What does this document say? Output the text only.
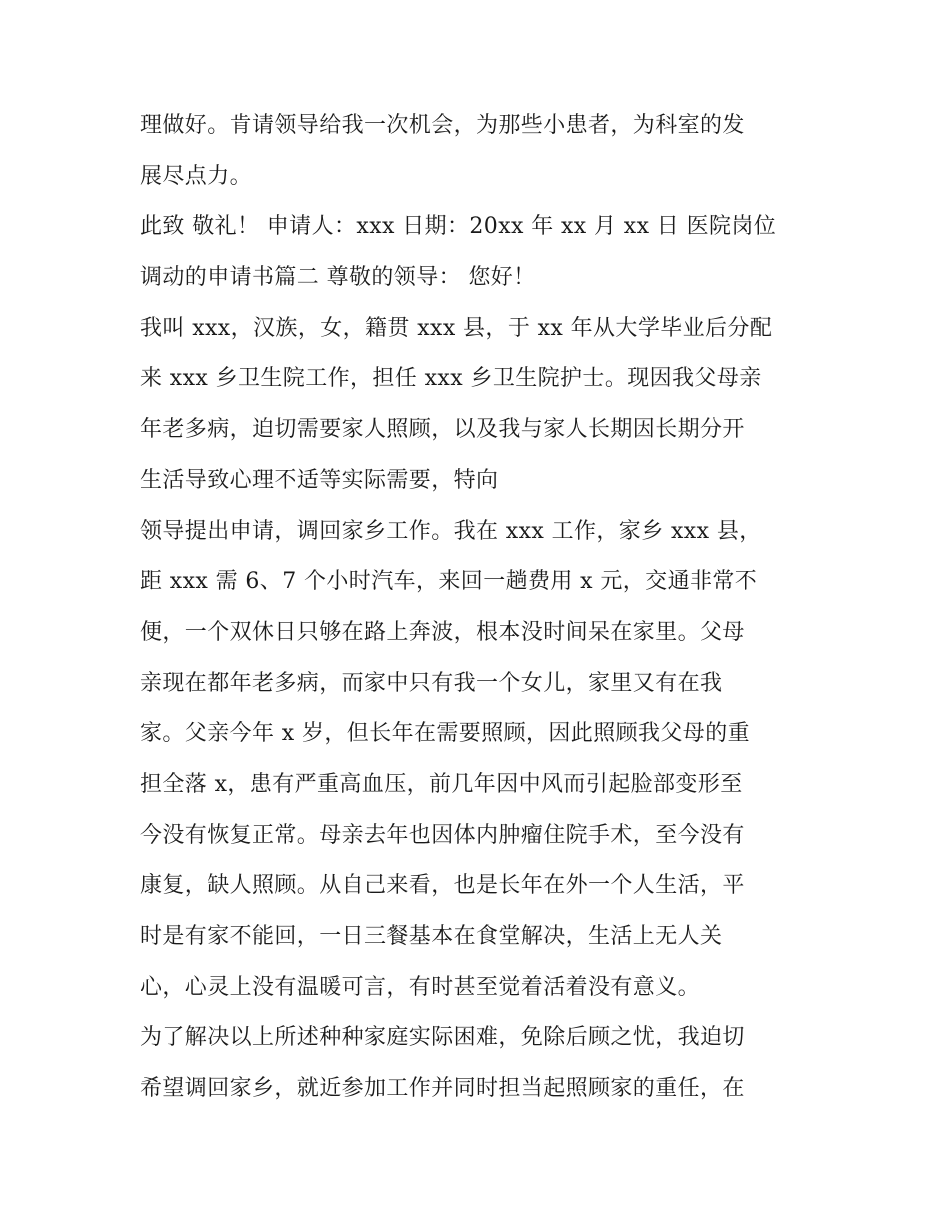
理做好。肯请领导给我一次机会，为那些小患者，为科室的发
展尽点力。
此致 敬礼！ 申请人：xxx 日期：20xx 年 xx 月 xx 日 医院岗位
调动的申请书篇二 尊敬的领导： 您好！
我叫 xxx，汉族，女，籍贯 xxx 县，于 xx 年从大学毕业后分配
来 xxx 乡卫生院工作，担任 xxx 乡卫生院护士。现因我父母亲
年老多病，迫切需要家人照顾，以及我与家人长期因长期分开
生活导致心理不适等实际需要，特向
领导提出申请，调回家乡工作。我在 xxx 工作，家乡 xxx 县，
距 xxx 需 6、7 个小时汽车，来回一趟费用 x 元，交通非常不
便，一个双休日只够在路上奔波，根本没时间呆在家里。父母
亲现在都年老多病，而家中只有我一个女儿，家里又有在我
家。父亲今年 x 岁，但长年在需要照顾，因此照顾我父母的重
担全落 x，患有严重高血压，前几年因中风而引起脸部变形至
今没有恢复正常。母亲去年也因体内肿瘤住院手术，至今没有
康复，缺人照顾。从自己来看，也是长年在外一个人生活，平
时是有家不能回，一日三餐基本在食堂解决，生活上无人关
心，心灵上没有温暖可言，有时甚至觉着活着没有意义。
为了解决以上所述种种家庭实际困难，免除后顾之忧，我迫切
希望调回家乡，就近参加工作并同时担当起照顾家的重任，在
